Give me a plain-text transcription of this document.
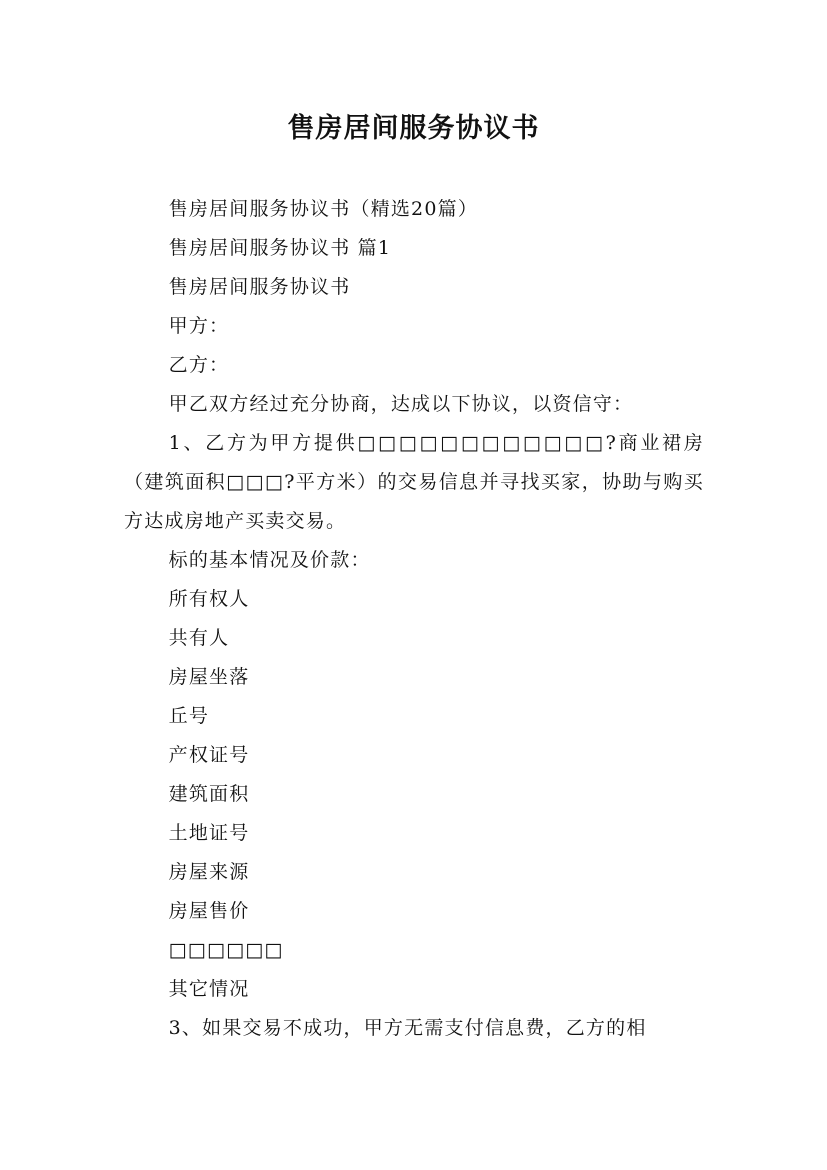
售房居间服务协议书

售房居间服务协议书（精选20篇）

售房居间服务协议书 篇1

售房居间服务协议书

甲方：

乙方：

甲乙双方经过充分协商，达成以下协议，以资信守：

1、乙方为甲方提供□□□□□□□□□□□□?商业裙房（建筑面积□□□?平方米）的交易信息并寻找买家，协助与购买方达成房地产买卖交易。

标的基本情况及价款：

所有权人

共有人

房屋坐落

丘号

产权证号

建筑面积

土地证号

房屋来源

房屋售价

□□□□□□

其它情况

3、如果交易不成功，甲方无需支付信息费，乙方的相
